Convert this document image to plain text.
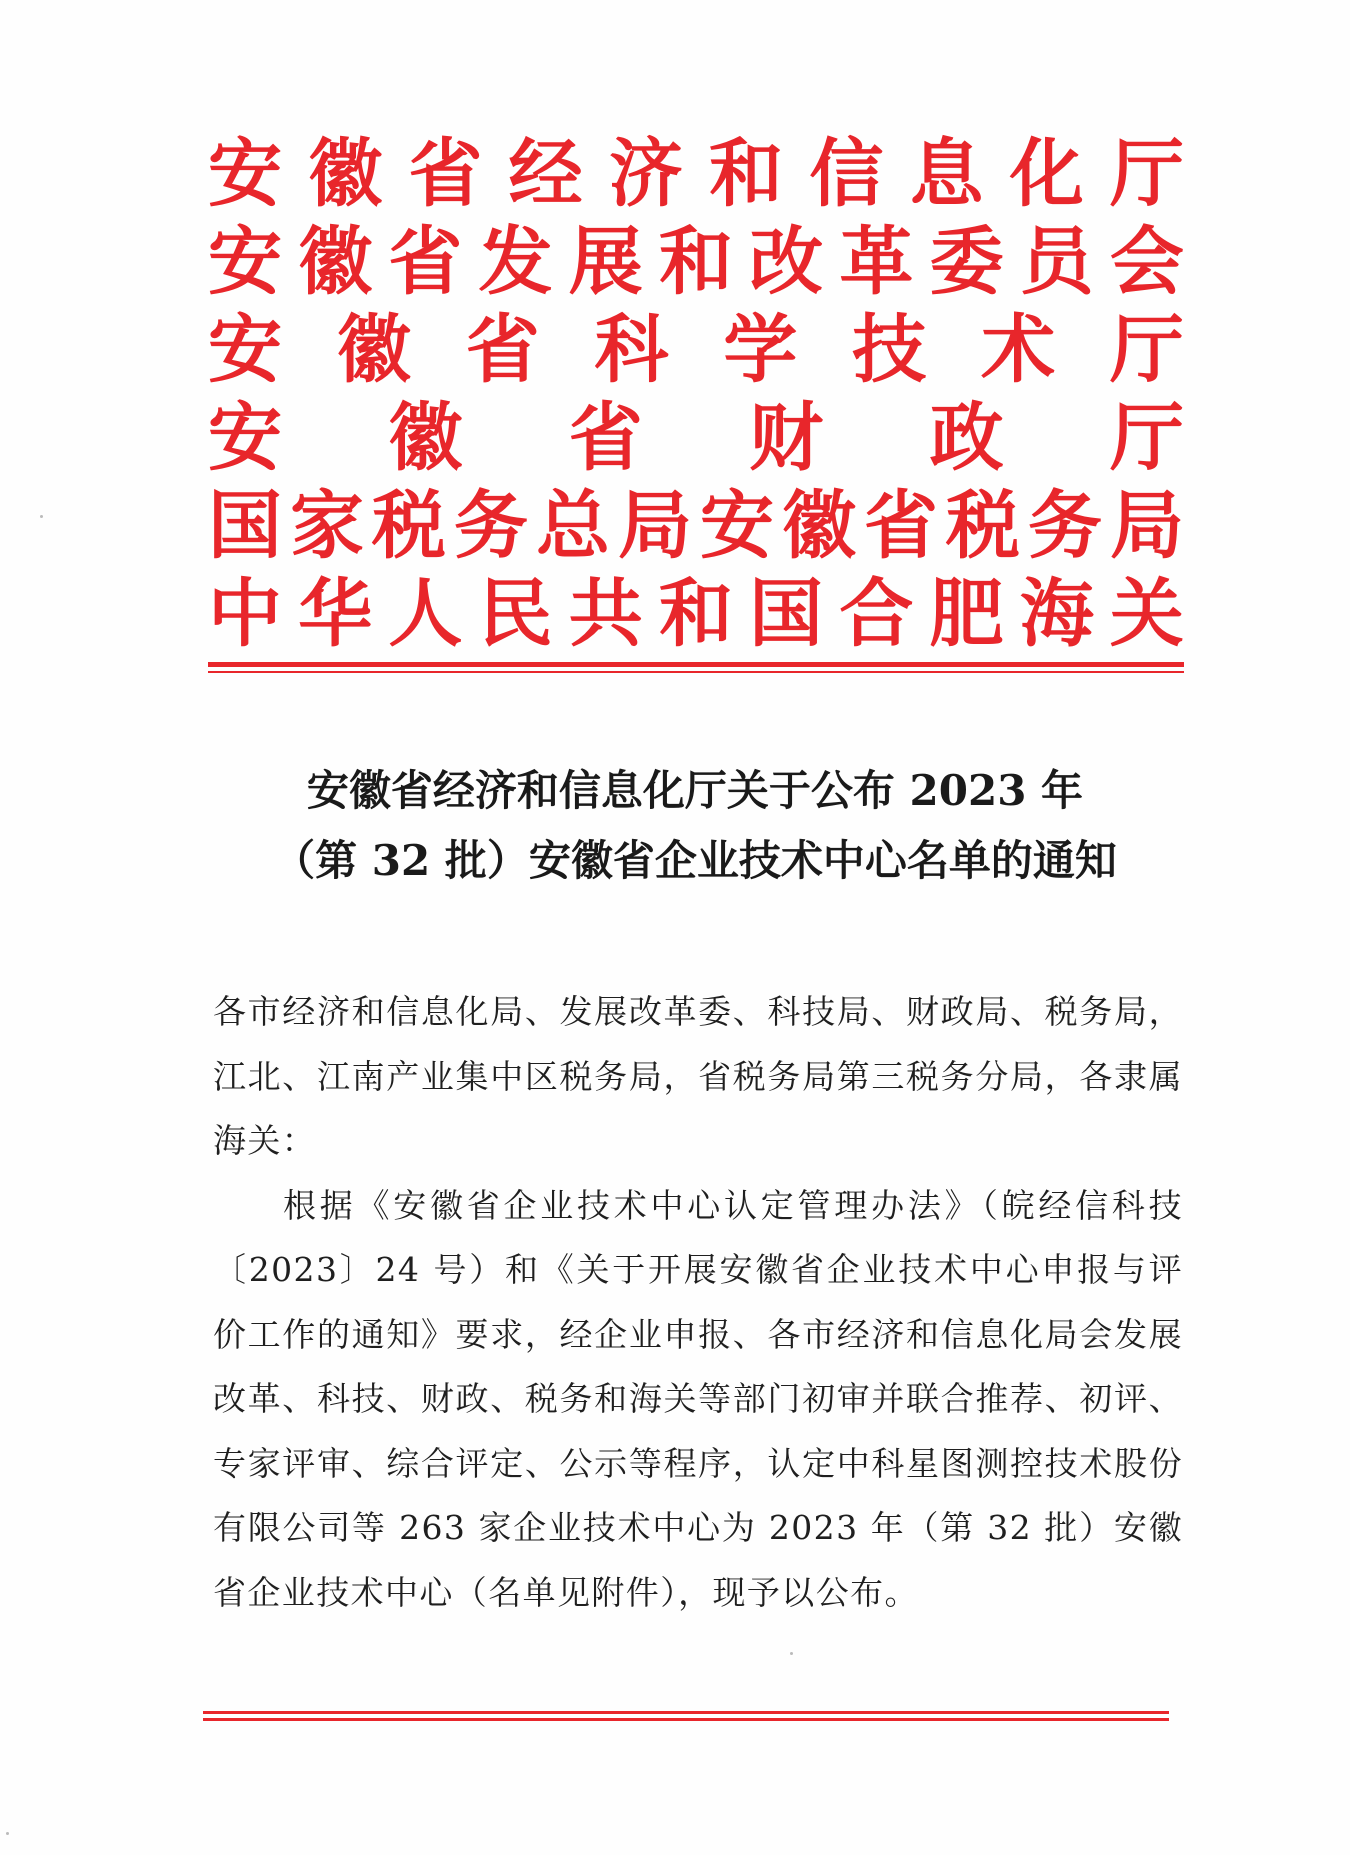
安 徽 省 经 济 和 信 息 化 厅
安 徽 省 发 展 和 改 革 委 员 会
安 徽 省 科 学 技 术 厅
安 徽 省 财 政 厅
国 家 税 务 总 局 安 徽 省 税 务 局
中 华 人 民 共 和 国 合 肥 海 关
安徽省经济和信息化厅关于公布 2023 年
（第 32 批）安徽省企业技术中心名单的通知

各市经济和信息化局、发展改革委、科技局、财政局、税务局，江北、江南产业集中区税务局，省税务局第三税务分局，各隶属海关：

根据《安徽省企业技术中心认定管理办法》（皖经信科技〔2023〕24 号）和《关于开展安徽省企业技术中心申报与评价工作的通知》要求，经企业申报、各市经济和信息化局会发展改革、科技、财政、税务和海关等部门初审并联合推荐、初评、专家评审、综合评定、公示等程序，认定中科星图测控技术股份有限公司等 263 家企业技术中心为 2023 年（第 32 批）安徽省企业技术中心（名单见附件），现予以公布。
